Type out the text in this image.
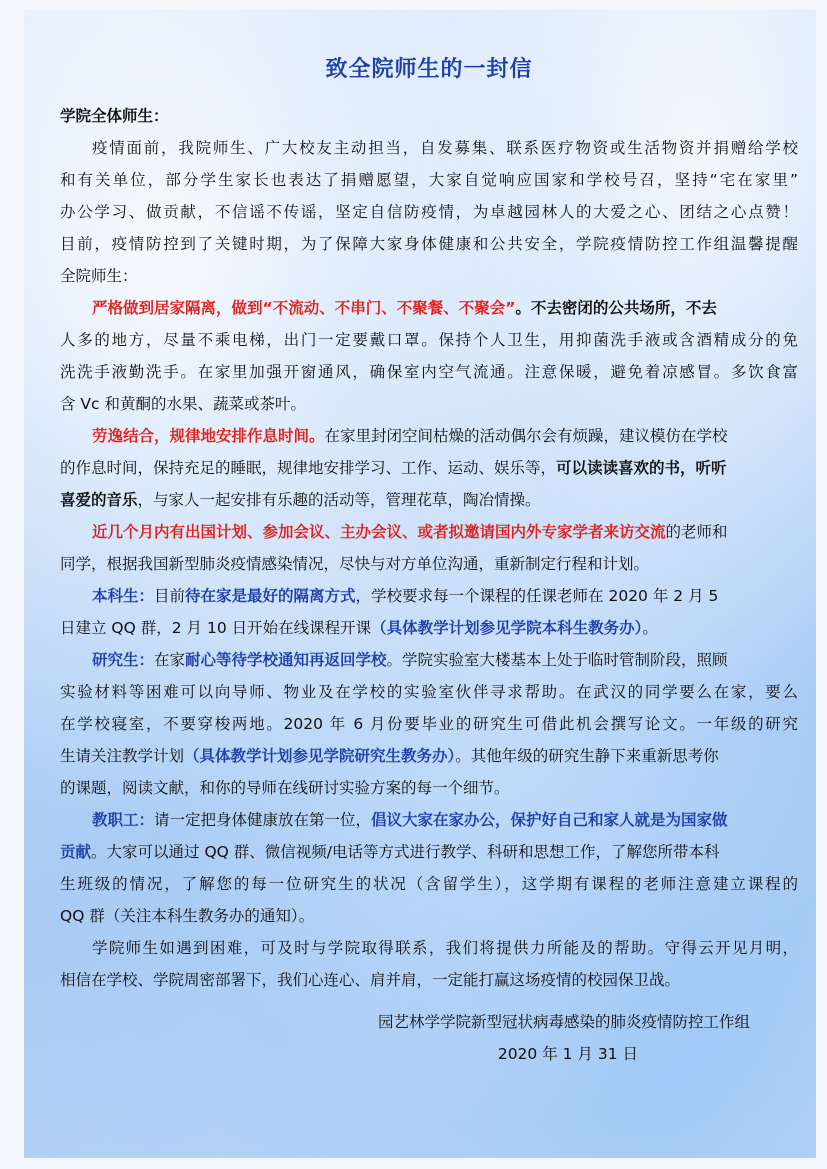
致全院师生的一封信
学院全体师生：
疫情面前，我院师生、广大校友主动担当，自发募集、联系医疗物资或生活物资并捐赠给学校
和有关单位，部分学生家长也表达了捐赠愿望，大家自觉响应国家和学校号召，坚持“宅在家里”
办公学习、做贡献，不信谣不传谣，坚定自信防疫情，为卓越园林人的大爱之心、团结之心点赞！
目前，疫情防控到了关键时期，为了保障大家身体健康和公共安全，学院疫情防控工作组温馨提醒
全院师生：
严格做到居家隔离，做到“不流动、不串门、不聚餐、不聚会”。不去密闭的公共场所，不去
人多的地方，尽量不乘电梯，出门一定要戴口罩。保持个人卫生，用抑菌洗手液或含酒精成分的免
洗洗手液勤洗手。在家里加强开窗通风，确保室内空气流通。注意保暖，避免着凉感冒。多饮食富
含 Vc 和黄酮的水果、蔬菜或茶叶。
劳逸结合，规律地安排作息时间。在家里封闭空间枯燥的活动偶尔会有烦躁，建议模仿在学校
的作息时间，保持充足的睡眠，规律地安排学习、工作、运动、娱乐等，可以读读喜欢的书，听听
喜爱的音乐，与家人一起安排有乐趣的活动等，管理花草，陶冶情操。
近几个月内有出国计划、参加会议、主办会议、或者拟邀请国内外专家学者来访交流的老师和
同学，根据我国新型肺炎疫情感染情况，尽快与对方单位沟通，重新制定行程和计划。
本科生：目前待在家是最好的隔离方式，学校要求每一个课程的任课老师在 2020 年 2 月 5
日建立 QQ 群，2 月 10 日开始在线课程开课（具体教学计划参见学院本科生教务办）。
研究生：在家耐心等待学校通知再返回学校。学院实验室大楼基本上处于临时管制阶段，照顾
实验材料等困难可以向导师、物业及在学校的实验室伙伴寻求帮助。在武汉的同学要么在家，要么
在学校寝室，不要穿梭两地。2020 年 6 月份要毕业的研究生可借此机会撰写论文。一年级的研究
生请关注教学计划（具体教学计划参见学院研究生教务办）。其他年级的研究生静下来重新思考你
的课题，阅读文献，和你的导师在线研讨实验方案的每一个细节。
教职工：请一定把身体健康放在第一位，倡议大家在家办公，保护好自己和家人就是为国家做
贡献。大家可以通过 QQ 群、微信视频/电话等方式进行教学、科研和思想工作，了解您所带本科
生班级的情况，了解您的每一位研究生的状况（含留学生），这学期有课程的老师注意建立课程的
QQ 群（关注本科生教务办的通知）。
学院师生如遇到困难，可及时与学院取得联系，我们将提供力所能及的帮助。守得云开见月明，
相信在学校、学院周密部署下，我们心连心、肩并肩，一定能打赢这场疫情的校园保卫战。
园艺林学学院新型冠状病毒感染的肺炎疫情防控工作组
2020 年 1 月 31 日
